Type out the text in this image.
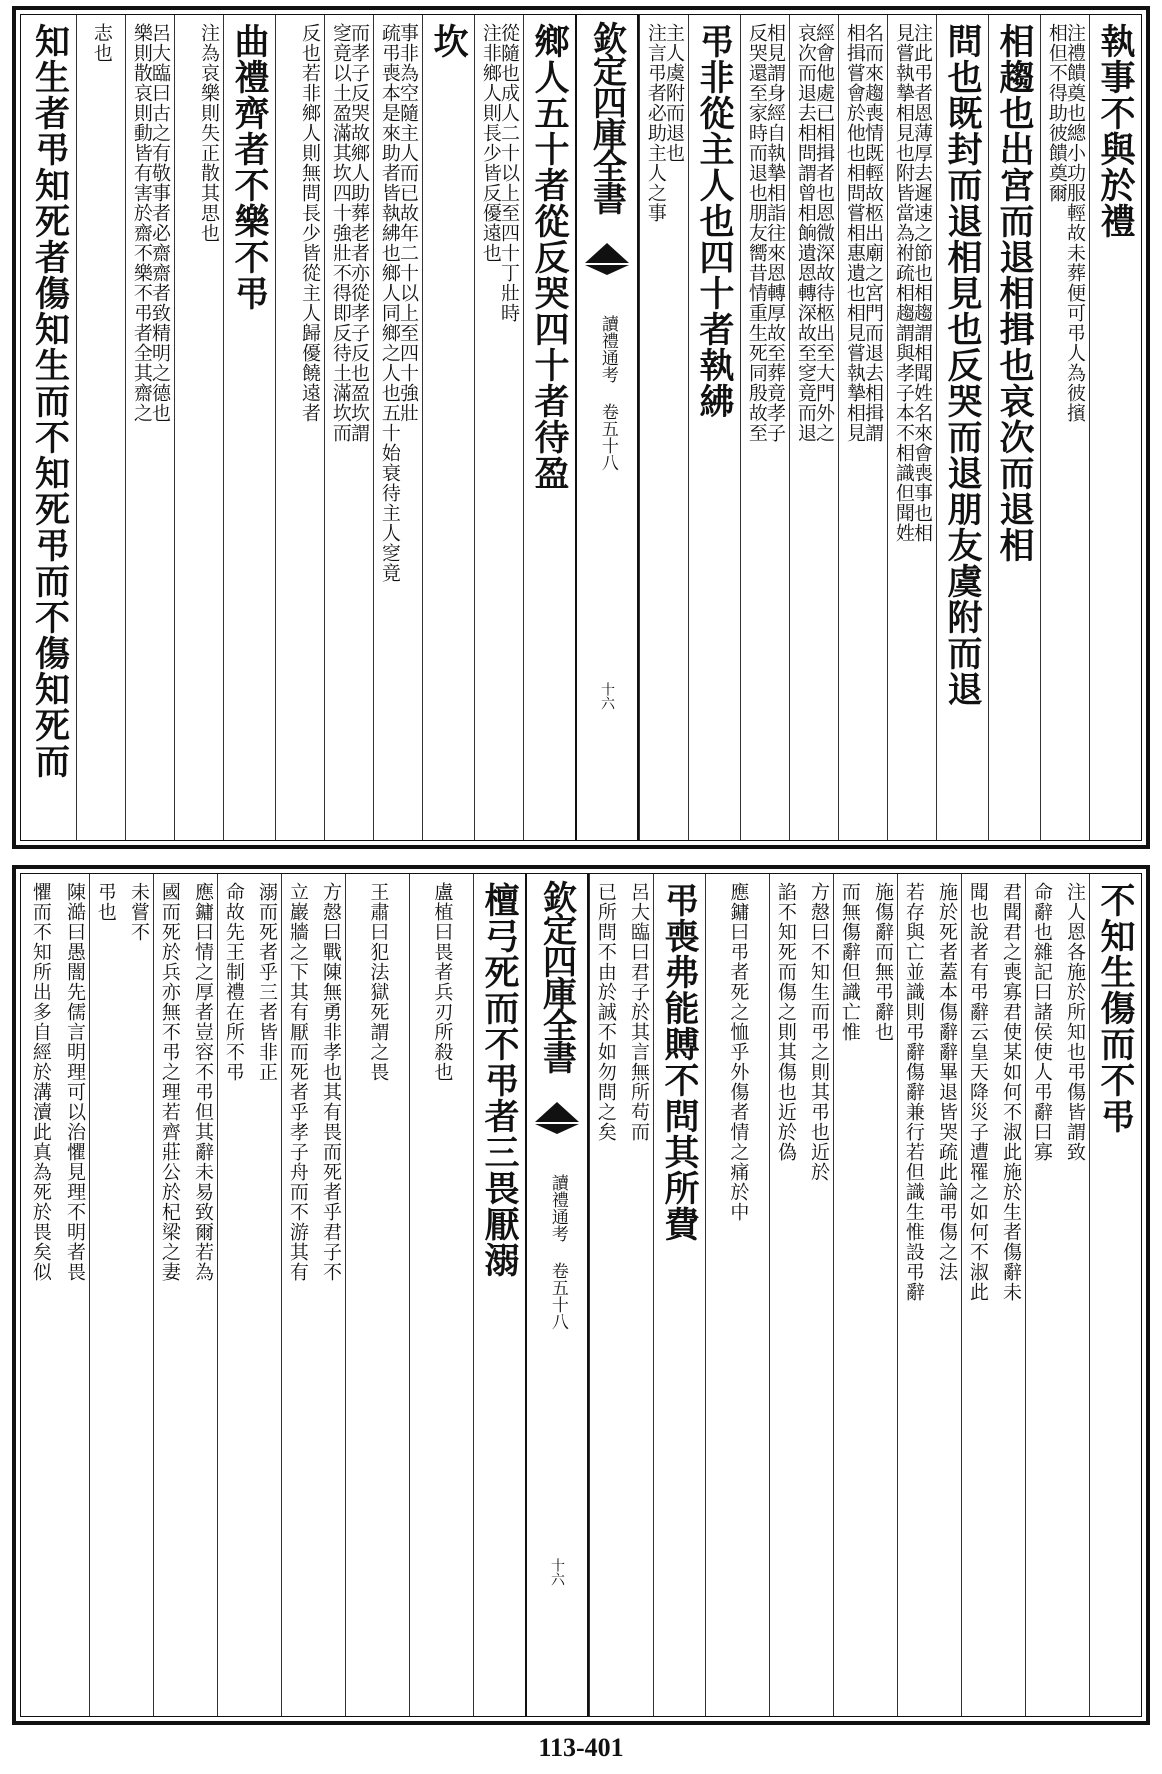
執事不與於禮
注禮饋奠也總小功服輕故未葬便可弔人為彼擯
相但不得助彼饋奠爾
相趨也出宮而退相揖也哀次而退相
問也既封而退相見也反哭而退朋友虞附而退
注此弔者恩薄厚去遲速之節也相趨謂相聞姓名來會喪事也相
見嘗執摯相見也附皆當為祔疏相趨謂與孝子本不相識但聞姓
名而來趨喪情既輕故柩出廟之宮門而退去相揖謂
相揖嘗會於他也相問嘗相惠遺也相見嘗執摯相見
經會他處已相揖者也恩微深故待柩出至大門外之
哀次而退去相問謂曾相餉遺恩轉深故至窆竟而退
相見謂身經自執摯相詣往來恩轉厚故至葬竟孝子
反哭還至家時而退也朋友嚮昔情重生死同殷故至
弔非從主人也四十者執紼
主人虞附而退也
注言弔者必助主人之事
欽定四庫全書
讀禮通考 卷五十八
十六
鄉人五十者從反哭四十者待盈
從隨也成人二十以上至四十丁壯時
注非鄉人則長少皆反優遠也
坎
事非為空隨主人而已故年二十以上至四十強壯
疏弔喪本是來助者皆執紼也鄉人同鄉之人也五十始衰待主人窆竟
而孝子反哭故鄉人助葬老者亦從孝子反也盈坎謂
窆竟以土盈滿其坎四十強壯不得即反待土滿坎而
反也若非鄉人則無問長少皆從主人歸優饒遠者
曲禮齊者不樂不弔
注為哀樂則失正散其思也
呂大臨曰古之有敬事者必齋齋者致精明之德也
樂則散哀則動皆有害於齋不樂不弔者全其齋之
志也
知生者弔知死者傷知生而不知死弔而不傷知死而
不知生傷而不弔
注人恩各施於所知也弔傷皆謂致
命辭也雜記曰諸侯使人弔辭曰寡
君聞君之喪寡君使某如何不淑此施於生者傷辭未
聞也說者有弔辭云皇天降災子遭罹之如何不淑此
施於死者蓋本傷辭辭畢退皆哭疏此論弔傷之法
若存與亡並識則弔辭傷辭兼行若但識生惟設弔辭
施傷辭而無弔辭也
而無傷辭但識亡惟
方慤曰不知生而弔之則其弔也近於
諂不知死而傷之則其傷也近於偽
應鏞曰弔者死之恤乎外傷者情之痛於中
弔喪弗能賻不問其所費
呂大臨曰君子於其言無所苟而
已所問不由於誠不如勿問之矣
欽定四庫全書
讀禮通考 卷五十八
十六
檀弓死而不弔者三畏厭溺
盧植曰畏者兵刃所殺也
王肅曰犯法獄死謂之畏
方慤曰戰陳無勇非孝也其有畏而死者乎君子不
立巖牆之下其有厭而死者乎孝子舟而不游其有
溺而死者乎三者皆非正
命故先王制禮在所不弔
應鏞曰情之厚者豈容不弔但其辭未易致爾若為
國而死於兵亦無不弔之理若齊莊公於杞梁之妻
未嘗不
弔也
陳澔曰愚闇先儒言明理可以治懼見理不明者畏
懼而不知所出多自經於溝瀆此真為死於畏矣似
113-401
